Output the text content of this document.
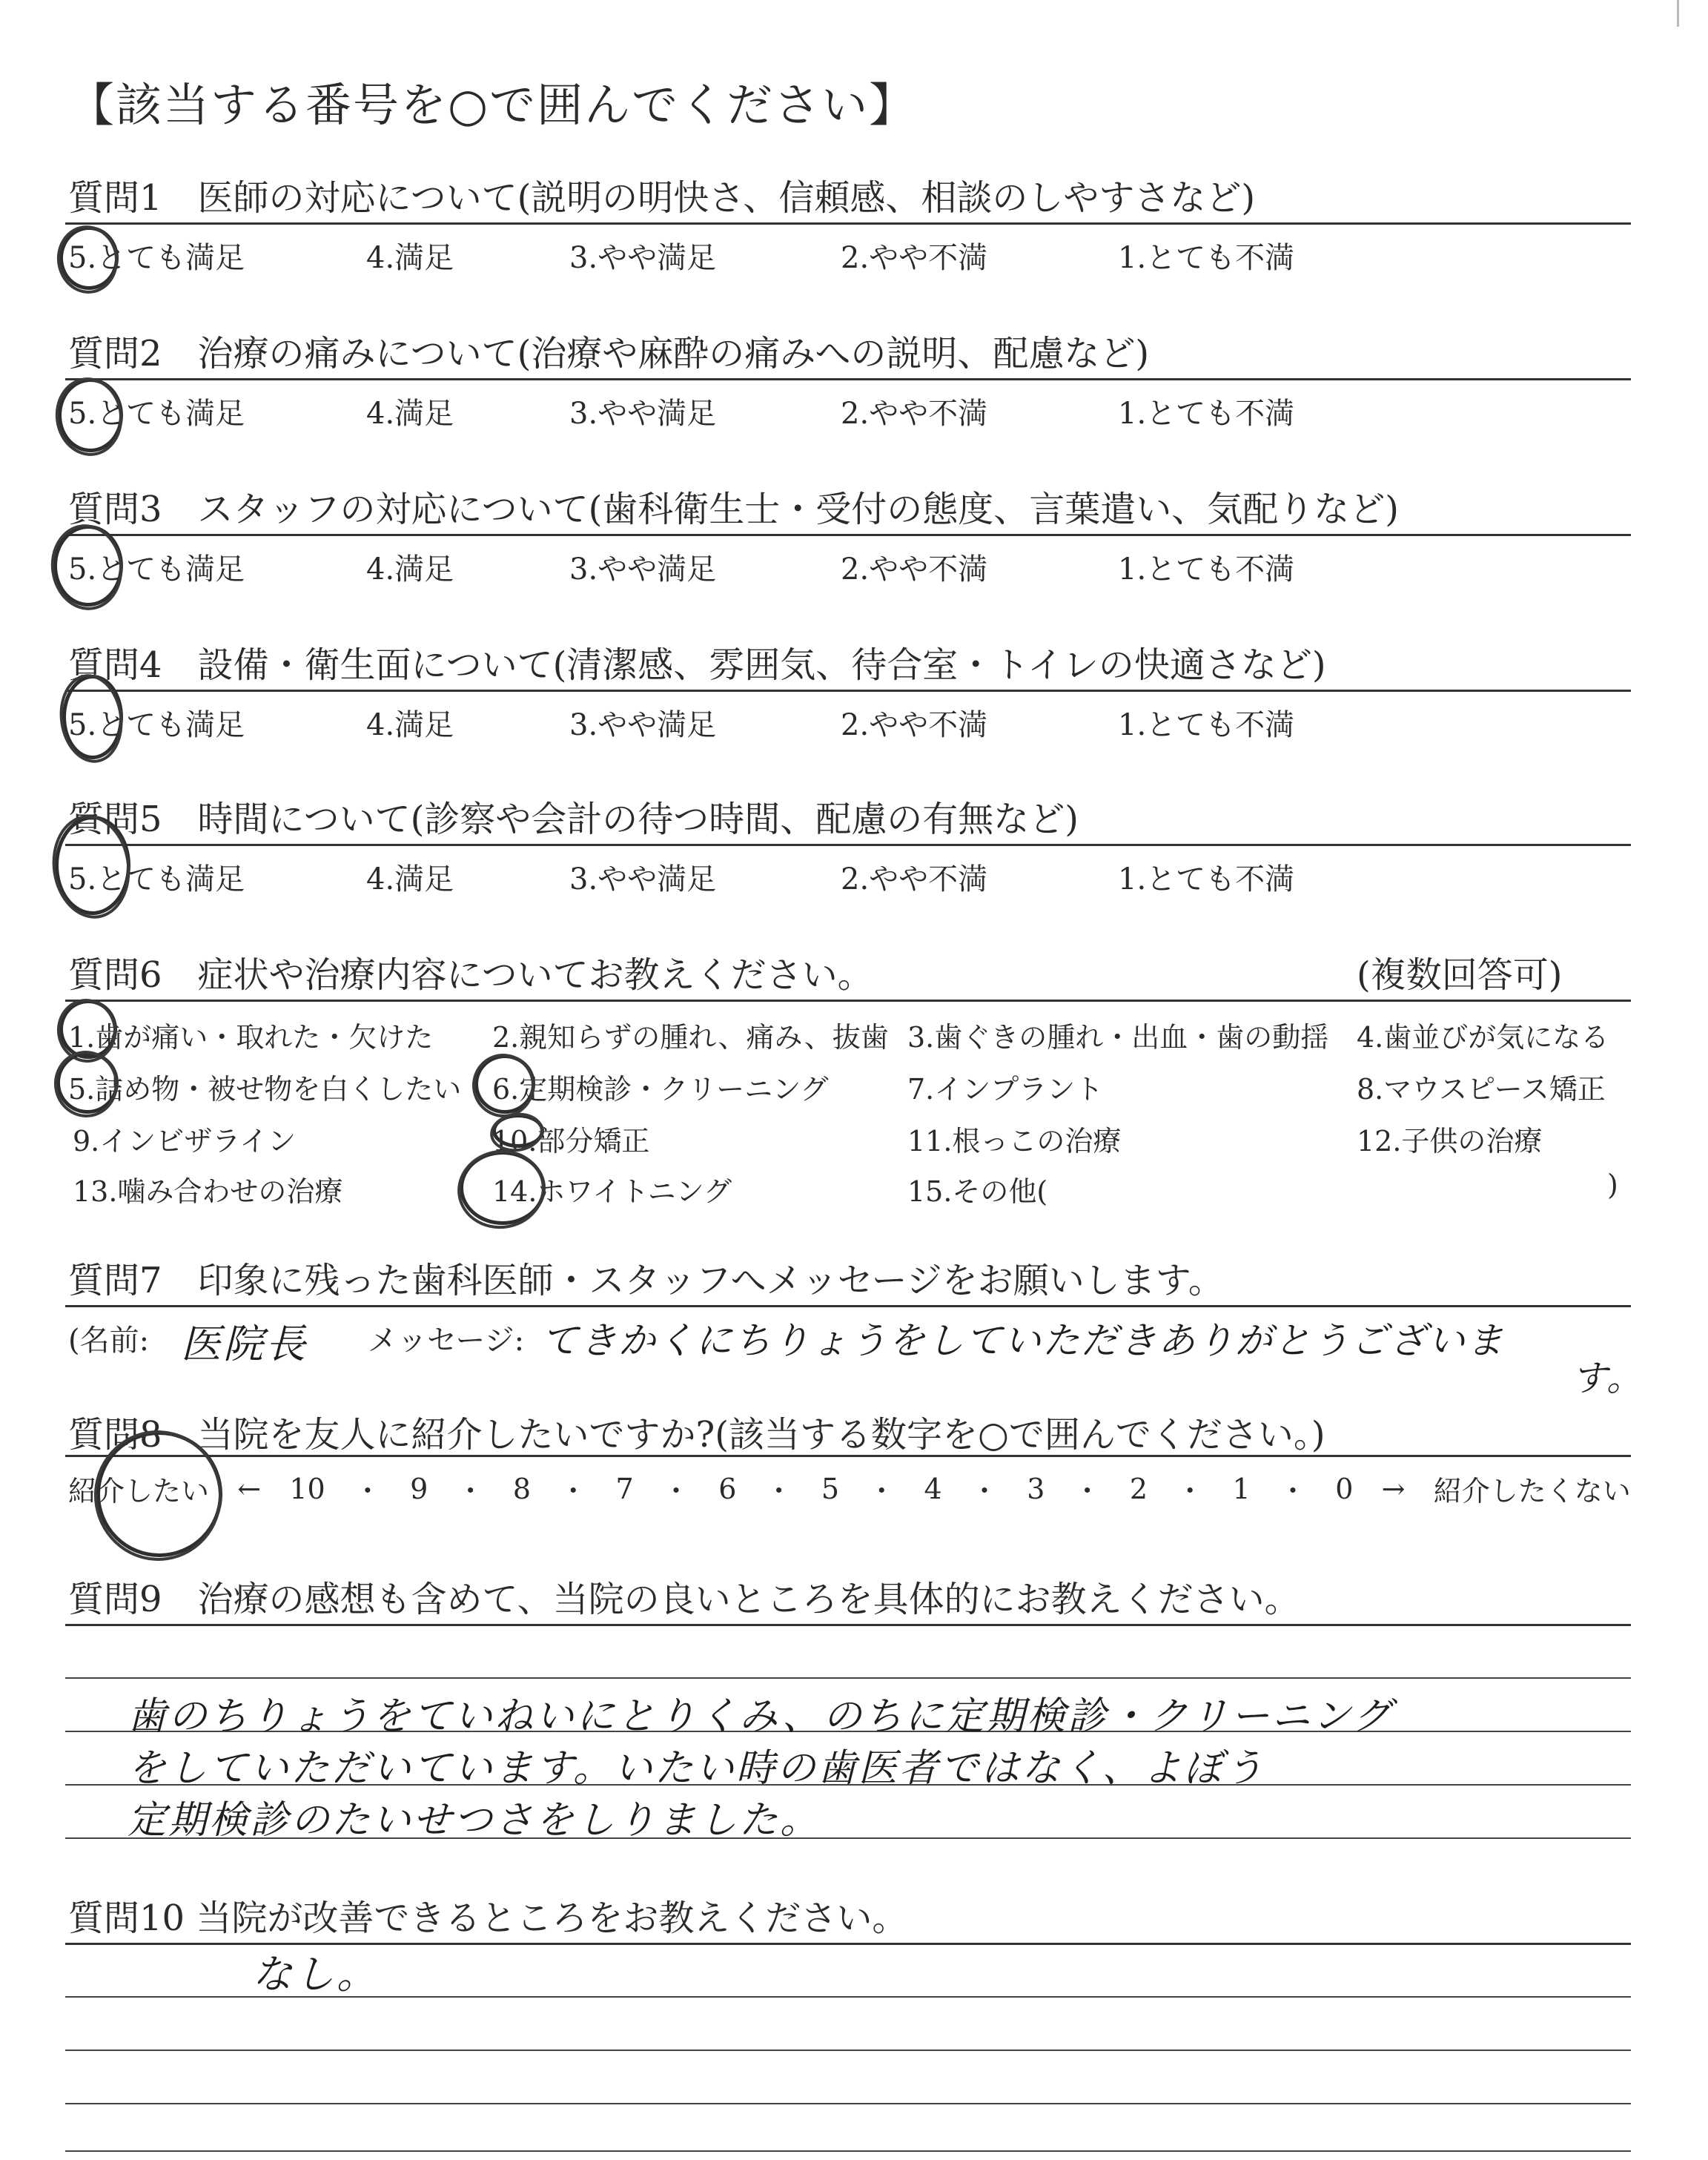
【該当する番号を○で囲んでください】
質問1　医師の対応について(説明の明快さ、信頼感、相談のしやすさなど)
5.とても満足	4.満足	3.やや満足	2.やや不満	1.とても不満
質問2　治療の痛みについて(治療や麻酔の痛みへの説明、配慮など)
5.とても満足	4.満足	3.やや満足	2.やや不満	1.とても不満
質問3　スタッフの対応について(歯科衛生士・受付の態度、言葉遣い、気配りなど)
5.とても満足	4.満足	3.やや満足	2.やや不満	1.とても不満
質問4　設備・衛生面について(清潔感、雰囲気、待合室・トイレの快適さなど)
5.とても満足	4.満足	3.やや満足	2.やや不満	1.とても不満
質問5　時間について(診察や会計の待つ時間、配慮の有無など)
5.とても満足	4.満足	3.やや満足	2.やや不満	1.とても不満
質問6　症状や治療内容についてお教えください。	(複数回答可)
1.歯が痛い・取れた・欠けた 2.親知らずの腫れ、痛み、抜歯 3.歯ぐきの腫れ・出血・歯の動揺 4.歯並びが気になる
5.詰め物・被せ物を白くしたい 6.定期検診・クリーニング	7.インプラント	8.マウスピース矯正
9.インビザライン	10.部分矯正	11.根っこの治療	12.子供の治療
13.噛み合わせの治療	14.ホワイトニング	15.その他(	)
質問7　印象に残った歯科医師・スタッフへメッセージをお願いします。
(名前: 医院長 メッセージ: てきかくにちりょうをしていただきありがとうございま
す。
質問8　当院を友人に紹介したいですか?(該当する数字を○で囲んでください。)
紹介したい ← 10 ・ 9 ・ 8 ・ 7 ・ 6 ・ 5 ・ 4 ・ 3 ・ 2 ・ 1 ・ 0 → 紹介したくない
質問9　治療の感想も含めて、当院の良いところを具体的にお教えください。
歯のちりょうをていねいにとりくみ、のちに定期検診・クリーニング
をしていただいています。いたい時の歯医者ではなく、よぼう
定期検診のたいせつさをしりました。
質問10 当院が改善できるところをお教えください。
なし。
